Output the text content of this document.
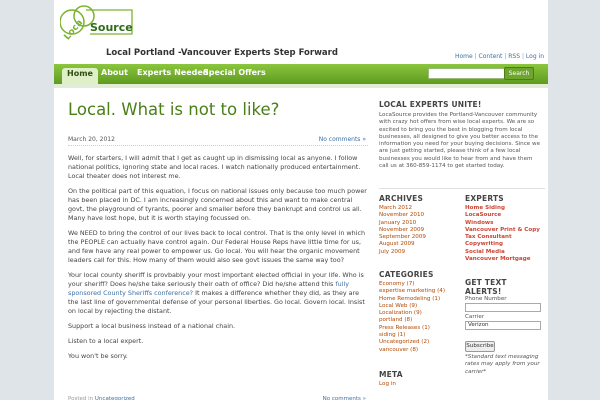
Loca Source
Local Portland -Vancouver Experts Step Forward	Home | Content | RSS | Log in
Home	About	Experts Needed
Special Offers	Search
Local. What is not to like?
March 20, 2012	No comments »

Well, for starters, I will admit that I get as caught up in dismissing local as anyone. I follow national politics, ignoring state and local races. I watch nationally produced entertainment. Local theater does not interest me.

On the political part of this equation, I focus on national issues only because too much power has been placed in DC. I am increasingly concerned about this and want to make central govt, the playground of tyrants, poorer and smaller before they bankrupt and control us all. Many have lost hope, but it is worth staying focussed on.

We NEED to bring the control of our lives back to local control. That is the only level in which the PEOPLE can actually have control again. Our Federal House Reps have little time for us, and few have any real power to empower us. Go local. You will hear the organic movement leaders call for this. How many of them would also see govt issues the same way too?

Your local county sheriff is provbably your most important elected official in your life. Who is your sheriff? Does he/she take seriously their oath of office? Did he/she attend this fully sponsored County Sheriffs conference? It makes a difference whether they did, as they are the last line of governmental defense of your personal liberties. Go local. Govern local. Insist on local by rejecting the distant.

Support a local business instead of a national chain.

Listen to a local expert.

You won't be sorry.

Posted in Uncategorized	No comments »
LOCAL EXPERTS UNITE!
LocaSource provides the Portland-Vancouver community with crazy hot offers from wise local experts. We are so excited to bring you the best in blogging from local businesses, all designed to give you better access to the information you need for your buying decisions. Since we are just getting started, please think of a few local businesses you would like to hear from and have them call us at 360-859-1174 to get started today.
ARCHIVES
March 2012
November 2010
January 2010
November 2009
September 2009
August 2009
July 2009
EXPERTS
Home Siding
LocaSource
Windows
Vancouver Print & Copy
Tax Consultant
Copywriting
Social Media
Vancouver Mortgage
CATEGORIES
Economy (7)
expertise marketing (4)
Home Remodeling (1)
Local Web (9)
Localization (9)
portland (8)
Press Releases (1)
siding (1)
Uncategorized (2)
vancouver (8)
GET TEXT ALERTS!
Phone Number
Carrier
Verizon
Subscribe
*Standard text messaging rates may apply from your carrier*
META
Log in
